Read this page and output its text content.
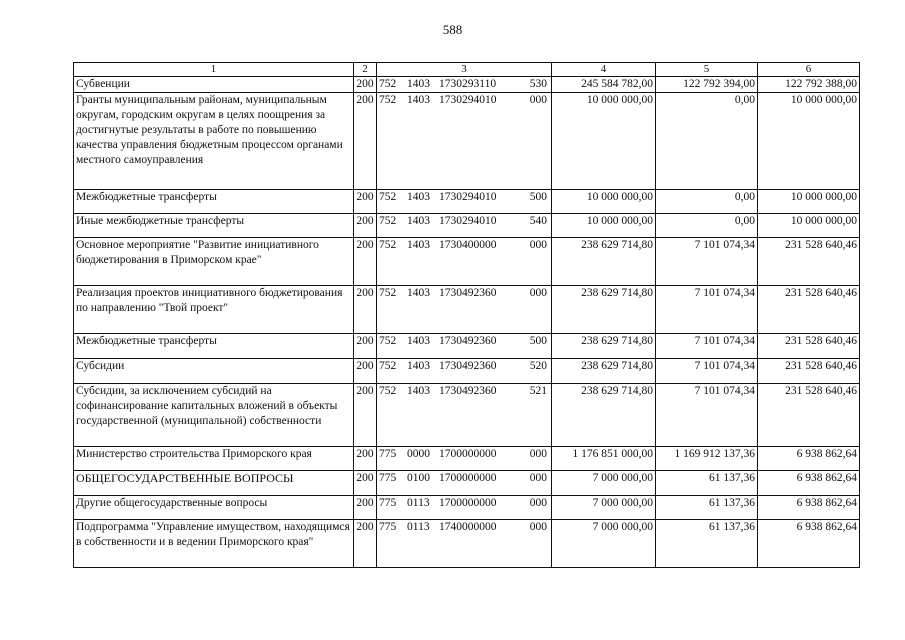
588
1	2	3	4	5	6
Субвенции	200	752 1403 1730293110 530	245 584 782,00	122 792 394,00	122 792 388,00
Гранты муниципальным районам, муниципальным округам, городским округам в целях поощрения за достигнутые результаты в работе по повышению качества управления бюджетным процессом органами местного самоуправления	200	752 1403 1730294010 000	10 000 000,00	0,00	10 000 000,00
Межбюджетные трансферты	200	752 1403 1730294010 500	10 000 000,00	0,00	10 000 000,00
Иные межбюджетные трансферты	200	752 1403 1730294010 540	10 000 000,00	0,00	10 000 000,00
Основное мероприятие "Развитие инициативного бюджетирования в Приморском крае"	200	752 1403 1730400000 000	238 629 714,80	7 101 074,34	231 528 640,46
Реализация проектов инициативного бюджетирования по направлению "Твой проект"	200	752 1403 1730492360 000	238 629 714,80	7 101 074,34	231 528 640,46
Межбюджетные трансферты	200	752 1403 1730492360 500	238 629 714,80	7 101 074,34	231 528 640,46
Субсидии	200	752 1403 1730492360 520	238 629 714,80	7 101 074,34	231 528 640,46
Субсидии, за исключением субсидий на софинансирование капитальных вложений в объекты государственной (муниципальной) собственности	200	752 1403 1730492360 521	238 629 714,80	7 101 074,34	231 528 640,46
Министерство строительства Приморского края	200	775 0000 1700000000 000	1 176 851 000,00	1 169 912 137,36	6 938 862,64
ОБЩЕГОСУДАРСТВЕННЫЕ ВОПРОСЫ	200	775 0100 1700000000 000	7 000 000,00	61 137,36	6 938 862,64
Другие общегосударственные вопросы	200	775 0113 1700000000 000	7 000 000,00	61 137,36	6 938 862,64
Подпрограмма "Управление имуществом, находящимся в собственности и в ведении Приморского края"	200	775 0113 1740000000 000	7 000 000,00	61 137,36	6 938 862,64
